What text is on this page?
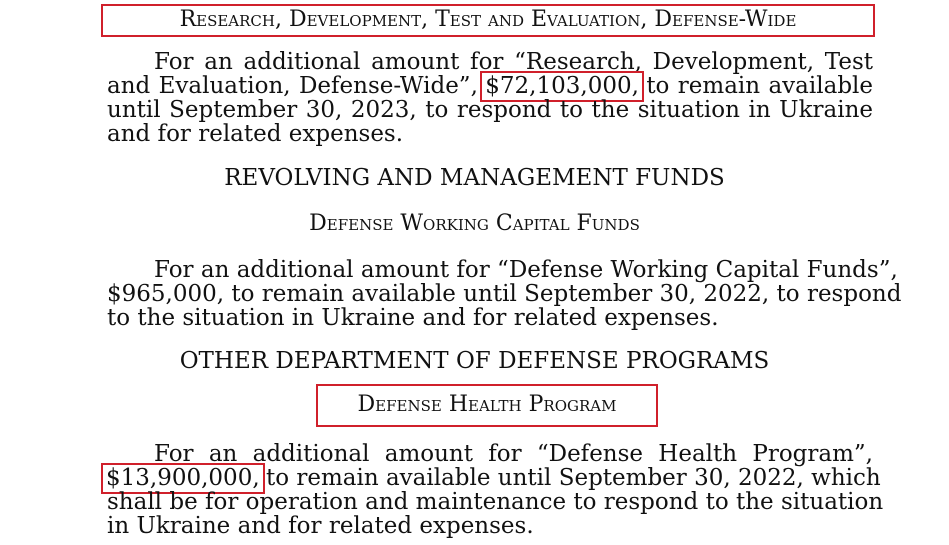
Research, Development, Test and Evaluation, Defense-Wide
For an additional amount for “Research, Development, Test
and Evaluation, Defense-Wide”, $72,103,000, to remain available
until September 30, 2023, to respond to the situation in Ukraine
and for related expenses.
REVOLVING AND MANAGEMENT FUNDS
Defense Working Capital Funds
For an additional amount for “Defense Working Capital Funds”,
$965,000, to remain available until September 30, 2022, to respond
to the situation in Ukraine and for related expenses.
OTHER DEPARTMENT OF DEFENSE PROGRAMS
Defense Health Program
For an additional amount for “Defense Health Program”,
$13,900,000, to remain available until September 30, 2022, which
shall be for operation and maintenance to respond to the situation
in Ukraine and for related expenses.
